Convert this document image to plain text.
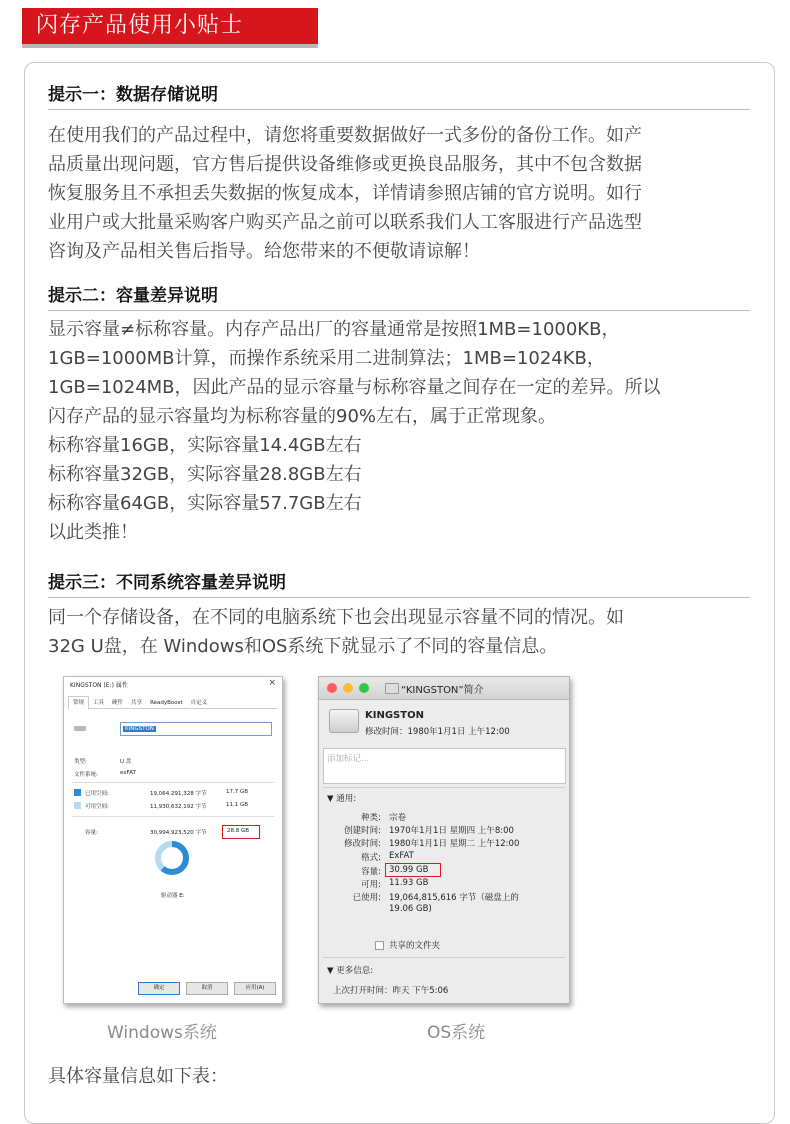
闪存产品使用小贴士
提示一：数据存储说明

在使用我们的产品过程中，请您将重要数据做好一式多份的备份工作。如产

品质量出现问题，官方售后提供设备维修或更换良品服务，其中不包含数据

恢复服务且不承担丢失数据的恢复成本，详情请参照店铺的官方说明。如行

业用户或大批量采购客户购买产品之前可以联系我们人工客服进行产品选型

咨询及产品相关售后指导。给您带来的不便敬请谅解！

提示二：容量差异说明

显示容量≠标称容量。内存产品出厂的容量通常是按照1MB=1000KB，

1GB=1000MB计算，而操作系统采用二进制算法；1MB=1024KB，

1GB=1024MB，因此产品的显示容量与标称容量之间存在一定的差异。所以

闪存产品的显示容量均为标称容量的90%左右，属于正常现象。

标称容量16GB，实际容量14.4GB左右

标称容量32GB，实际容量28.8GB左右

标称容量64GB，实际容量57.7GB左右

以此类推！

提示三：不同系统容量差异说明

同一个存储设备，在不同的电脑系统下也会出现显示容量不同的情况。如

32G U盘，在 Windows和OS系统下就显示了不同的容量信息。

KINGSTON (E:) 属性	×
常规 工具 硬件 共享 ReadyBoost 自定义
KINGSTON
类型:	U 盘
文件系统:	exFAT
已用空间:	19,064,291,328 字节	17.7 GB
可用空间:	11,930,632,192 字节	11.1 GB
容量:	30,994,923,520 字节	28.8 GB
驱动器 E:
确定	取消	应用(A)
“KINGSTON”简介
KINGSTON
修改时间：1980年1月1日 上午12:00
添加标记...
▼ 通用:
种类: 宗卷
创建时间: 1970年1月1日 星期四 上午8:00
修改时间: 1980年1月1日 星期二 上午12:00
格式: ExFAT
容量: 30.99 GB
可用: 11.93 GB
已使用: 19,064,815,616 字节（磁盘上的
19.06 GB)
共享的文件夹
▼ 更多信息:
上次打开时间：昨天 下午5:06
Windows系统	OS系统

具体容量信息如下表：
